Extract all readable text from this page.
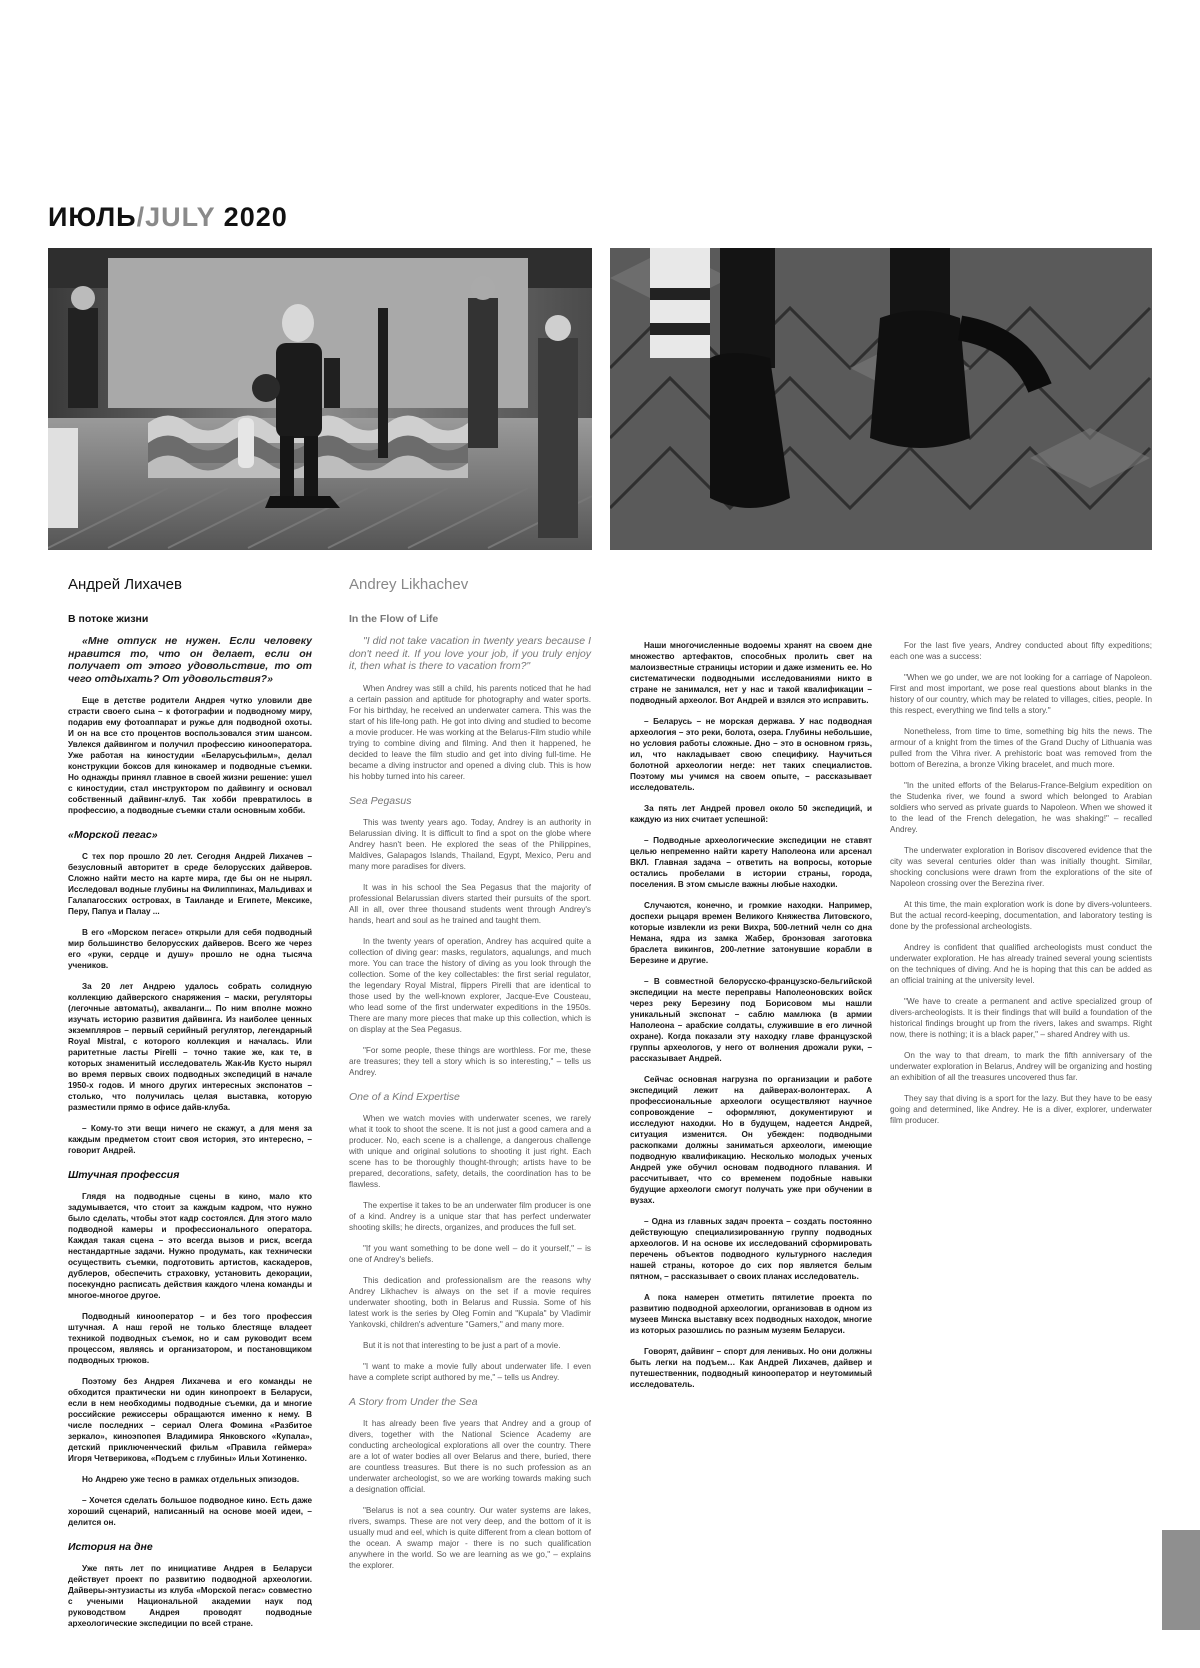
ИЮЛЬ/JULY 2020
Андрей Лихачев	Andrey Likhachev
В потоке жизни

«Мне отпуск не нужен. Если человеку нравится то, что он делает, если он получает от этого удовольствие, то от чего отдыхать? От удовольствия?»

Еще в детстве родители Андрея чутко уловили две страсти своего сына – к фотографии и подводному миру, подарив ему фотоаппарат и ружье для подводной охоты. И он на все сто процентов воспользовался этим шансом. Увлекся дайвингом и получил профессию кинооператора. Уже работая на киностудии «Беларусьфильм», делал конструкции боксов для кинокамер и подводные съемки. Но однажды принял главное в своей жизни решение: ушел с киностудии, стал инструктором по дайвингу и основал собственный дайвинг-клуб. Так хобби превратилось в профессию, а подводные съемки стали основным хобби.

«Морской пегас»

С тех пор прошло 20 лет. Сегодня Андрей Лихачев – безусловный авторитет в среде белорусских дайверов. Сложно найти место на карте мира, где бы он не нырял. Исследовал водные глубины на Филиппинах, Мальдивах и Галапагосских островах, в Таиланде и Египете, Мексике, Перу, Папуа и Палау ...

В его «Морском пегасе» открыли для себя подводный мир большинство белорусских дайверов. Всего же через его «руки, сердце и душу» прошло не одна тысяча учеников.

За 20 лет Андрею удалось собрать солидную коллекцию дайверского снаряжения – маски, регуляторы (легочные автоматы), акваланги... По ним вполне можно изучать историю развития дайвинга. Из наиболее ценных экземпляров – первый серийный регулятор, легендарный Royal Mistral, с которого коллекция и началась. Или раритетные ласты Pirelli – точно такие же, как те, в которых знаменитый исследователь Жак-Ив Кусто нырял во время первых своих подводных экспедиций в начале 1950-х годов. И много других интересных экспонатов – столько, что получилась целая выставка, которую разместили прямо в офисе дайв-клуба.

– Кому-то эти вещи ничего не скажут, а для меня за каждым предметом стоит своя история, это интересно, – говорит Андрей.

Штучная профессия

Глядя на подводные сцены в кино, мало кто задумывается, что стоит за каждым кадром, что нужно было сделать, чтобы этот кадр состоялся. Для этого мало подводной камеры и профессионального оператора. Каждая такая сцена – это всегда вызов и риск, всегда нестандартные задачи. Нужно продумать, как технически осуществить съемки, подготовить артистов, каскадеров, дублеров, обеспечить страховку, установить декорации, посекундно расписать действия каждого члена команды и многое-многое другое.

Подводный кинооператор – и без того профессия штучная. А наш герой не только блестяще владеет техникой подводных съемок, но и сам руководит всем процессом, являясь и организатором, и постановщиком подводных трюков.

Поэтому без Андрея Лихачева и его команды не обходится практически ни один кинопроект в Беларуси, если в нем необходимы подводные съемки, да и многие российские режиссеры обращаются именно к нему. В числе последних – сериал Олега Фомина «Разбитое зеркало», киноэпопея Владимира Янковского «Купала», детский приключенческий фильм «Правила геймера» Игоря Четверикова, «Подъем с глубины» Ильи Хотиненко.

Но Андрею уже тесно в рамках отдельных эпизодов.

– Хочется сделать большое подводное кино. Есть даже хороший сценарий, написанный на основе моей идеи, – делится он.

История на дне

Уже пять лет по инициативе Андрея в Беларуси действует проект по развитию подводной археологии. Дайверы-энтузиасты из клуба «Морской пегас» совместно с учеными Национальной академии наук под руководством Андрея проводят подводные археологические экспедиции по всей стране.

In the Flow of Life

"I did not take vacation in twenty years because I don't need it. If you love your job, if you truly enjoy it, then what is there to vacation from?"

When Andrey was still a child, his parents noticed that he had a certain passion and aptitude for photography and water sports. For his birthday, he received an underwater camera. This was the start of his life-long path. He got into diving and studied to become a movie producer. He was working at the Belarus-Film studio while trying to combine diving and filming. And then it happened, he decided to leave the film studio and get into diving full-time. He became a diving instructor and opened a diving club. This is how his hobby turned into his career.

Sea Pegasus

This was twenty years ago. Today, Andrey is an authority in Belarussian diving. It is difficult to find a spot on the globe where Andrey hasn't been. He explored the seas of the Philippines, Maldives, Galapagos Islands, Thailand, Egypt, Mexico, Peru and many more paradises for divers.

It was in his school the Sea Pegasus that the majority of professional Belarussian divers started their pursuits of the sport. All in all, over three thousand students went through Andrey's hands, heart and soul as he trained and taught them.

In the twenty years of operation, Andrey has acquired quite a collection of diving gear: masks, regulators, aqualungs, and much more. You can trace the history of diving as you look through the collection. Some of the key collectables: the first serial regulator, the legendary Royal Mistral, flippers Pirelli that are identical to those used by the well-known explorer, Jacque-Eve Cousteau, who lead some of the first underwater expeditions in the 1950s. There are many more pieces that make up this collection, which is on display at the Sea Pegasus.

"For some people, these things are worthless. For me, these are treasures; they tell a story which is so interesting," – tells us Andrey.

One of a Kind Expertise

When we watch movies with underwater scenes, we rarely what it took to shoot the scene. It is not just a good camera and a producer. No, each scene is a challenge, a dangerous challenge with unique and original solutions to shooting it just right. Each scene has to be thoroughly thought-through; artists have to be prepared, decorations, safety, details, the coordination has to be flawless.

The expertise it takes to be an underwater film producer is one of a kind. Andrey is a unique star that has perfect underwater shooting skills; he directs, organizes, and produces the full set.

"If you want something to be done well – do it yourself," – is one of Andrey's beliefs.

This dedication and professionalism are the reasons why Andrey Likhachev is always on the set if a movie requires underwater shooting, both in Belarus and Russia. Some of his latest work is the series by Oleg Fomin and "Kupala" by Vladimir Yankovski, children's adventure "Gamers," and many more.

But it is not that interesting to be just a part of a movie.

"I want to make a movie fully about underwater life. I even have a complete script authored by me," – tells us Andrey.

A Story from Under the Sea

It has already been five years that Andrey and a group of divers, together with the National Science Academy are conducting archeological explorations all over the country. There are a lot of water bodies all over Belarus and there, buried, there are countless treasures. But there is no such profession as an underwater archeologist, so we are working towards making such a designation official.

"Belarus is not a sea country. Our water systems are lakes, rivers, swamps. These are not very deep, and the bottom of it is usually mud and eel, which is quite different from a clean bottom of the ocean. A swamp major - there is no such qualification anywhere in the world. So we are learning as we go," – explains the explorer.

Наши многочисленные водоемы хранят на своем дне множество артефактов, способных пролить свет на малоизвестные страницы истории и даже изменить ее. Но систематически подводными исследованиями никто в стране не занимался, нет у нас и такой квалификации – подводный археолог. Вот Андрей и взялся это исправить.

– Беларусь – не морская держава. У нас подводная археология – это реки, болота, озера. Глубины небольшие, но условия работы сложные. Дно – это в основном грязь, ил, что накладывает свою специфику. Научиться болотной археологии негде: нет таких специалистов. Поэтому мы учимся на своем опыте, – рассказывает исследователь.

За пять лет Андрей провел около 50 экспедиций, и каждую из них считает успешной:

– Подводные археологические экспедиции не ставят целью непременно найти карету Наполеона или арсенал ВКЛ. Главная задача – ответить на вопросы, которые остались пробелами в истории страны, города, поселения. В этом смысле важны любые находки.

Случаются, конечно, и громкие находки. Например, доспехи рыцаря времен Великого Княжества Литовского, которые извлекли из реки Вихра, 500-летний челн со дна Немана, ядра из замка Жабер, бронзовая заготовка браслета викингов, 200-летние затонувшие корабли в Березине и другие.

– В совместной белорусско-французско-бельгийской экспедиции на месте переправы Наполеоновских войск через реку Березину под Борисовом мы нашли уникальный экспонат – саблю мамлюка (в армии Наполеона – арабские солдаты, служившие в его личной охране). Когда показали эту находку главе французской группы археологов, у него от волнения дрожали руки, – рассказывает Андрей.

Сейчас основная нагрузна по организации и работе экспедиций лежит на дайверах-волонтерах. А профессиональные археологи осуществляют научное сопровождение – оформляют, документируют и исследуют находки. Но в будущем, надеется Андрей, ситуация изменится. Он убежден: подводными раскопками должны заниматься археологи, имеющие подводную квалификацию. Несколько молодых ученых Андрей уже обучил основам подводного плавания. И рассчитывает, что со временем подобные навыки будущие археологи смогут получать уже при обучении в вузах.

– Одна из главных задач проекта – создать постоянно действующую специализированную группу подводных археологов. И на основе их исследований сформировать перечень объектов подводного культурного наследия нашей страны, которое до сих пор является белым пятном, – рассказывает о своих планах исследователь.

А пока намерен отметить пятилетие проекта по развитию подводной археологии, организовав в одном из музеев Минска выставку всех подводных находок, многие из которых разошлись по разным музеям Беларуси.

Говорят, дайвинг – спорт для ленивых. Но они должны быть легки на подъем… Как Андрей Лихачев, дайвер и путешественник, подводный кинооператор и неутомимый исследователь.

For the last five years, Andrey conducted about fifty expeditions; each one was a success:

"When we go under, we are not looking for a carriage of Napoleon. First and most important, we pose real questions about blanks in the history of our country, which may be related to villages, cities, people. In this respect, everything we find tells a story."

Nonetheless, from time to time, something big hits the news. The armour of a knight from the times of the Grand Duchy of Lithuania was pulled from the Vihra river. A prehistoric boat was removed from the bottom of Berezina, a bronze Viking bracelet, and much more.

"In the united efforts of the Belarus-France-Belgium expedition on the Studenka river, we found a sword which belonged to Arabian soldiers who served as private guards to Napoleon. When we showed it to the lead of the French delegation, he was shaking!" – recalled Andrey.

The underwater exploration in Borisov discovered evidence that the city was several centuries older than was initially thought. Similar, shocking conclusions were drawn from the explorations of the site of Napoleon crossing over the Berezina river.

At this time, the main exploration work is done by divers-volunteers. But the actual record-keeping, documentation, and laboratory testing is done by the professional archeologists.

Andrey is confident that qualified archeologists must conduct the underwater exploration. He has already trained several young scientists on the techniques of diving. And he is hoping that this can be added as an official training at the university level.

"We have to create a permanent and active specialized group of divers-archeologists. It is their findings that will build a foundation of the historical findings brought up from the rivers, lakes and swamps. Right now, there is nothing; it is a black paper," – shared Andrey with us.

On the way to that dream, to mark the fifth anniversary of the underwater exploration in Belarus, Andrey will be organizing and hosting an exhibition of all the treasures uncovered thus far.

They say that diving is a sport for the lazy. But they have to be easy going and determined, like Andrey. He is a diver, explorer, underwater film producer.
